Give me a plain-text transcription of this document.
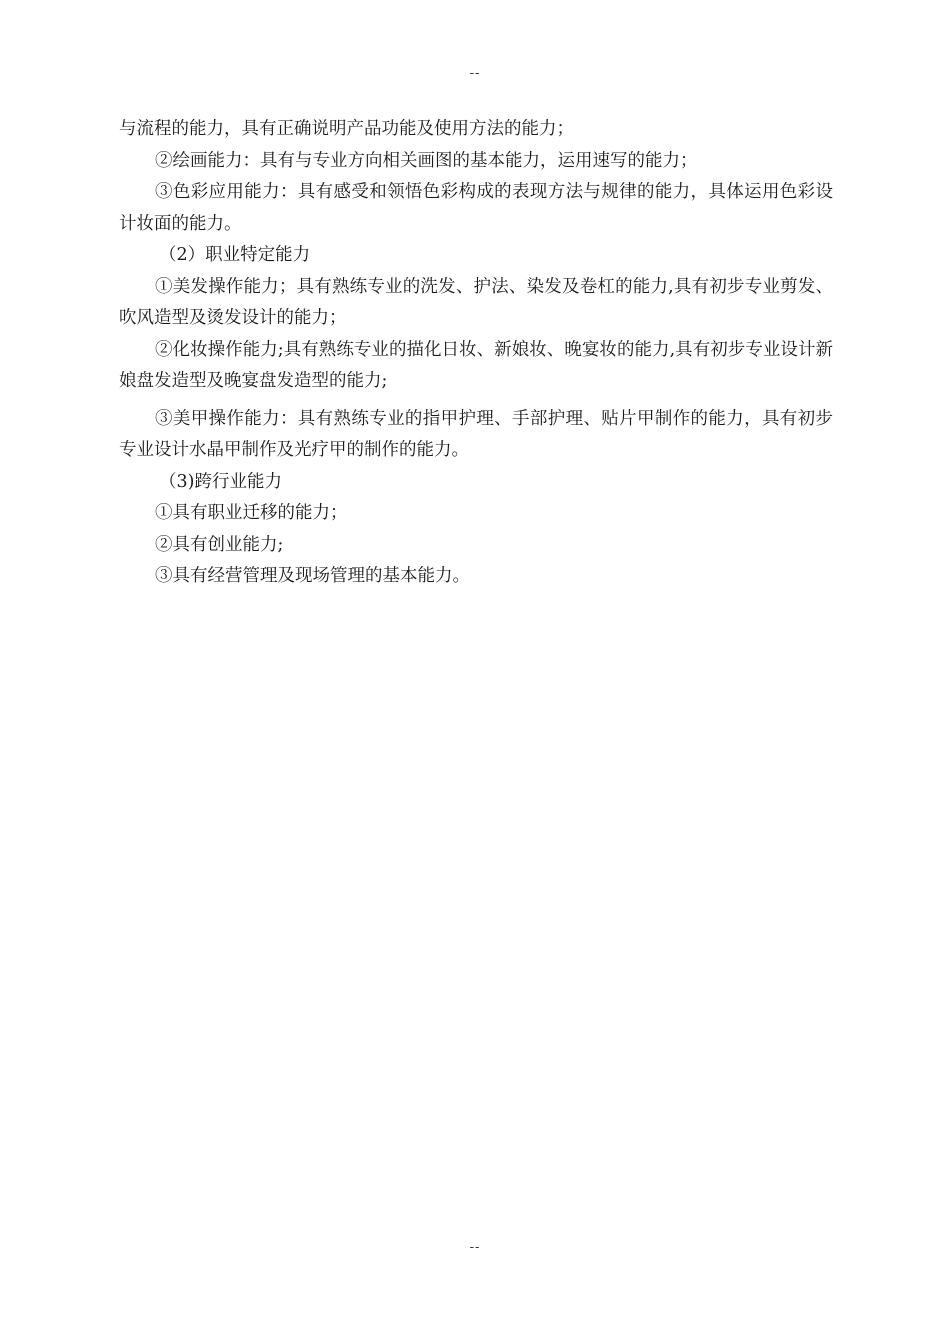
--

与流程的能力，具有正确说明产品功能及使用方法的能力；

②绘画能力：具有与专业方向相关画图的基本能力，运用速写的能力；

③色彩应用能力：具有感受和领悟色彩构成的表现方法与规律的能力，具体运用色彩设计妆面的能力。

（2）职业特定能力

①美发操作能力；具有熟练专业的洗发、护法、染发及卷杠的能力,具有初步专业剪发、吹风造型及烫发设计的能力；

②化妆操作能力;具有熟练专业的描化日妆、新娘妆、晚宴妆的能力,具有初步专业设计新娘盘发造型及晚宴盘发造型的能力;

③美甲操作能力：具有熟练专业的指甲护理、手部护理、贴片甲制作的能力，具有初步专业设计水晶甲制作及光疗甲的制作的能力。

（3)跨行业能力

①具有职业迁移的能力；

②具有创业能力;

③具有经营管理及现场管理的基本能力。

--
